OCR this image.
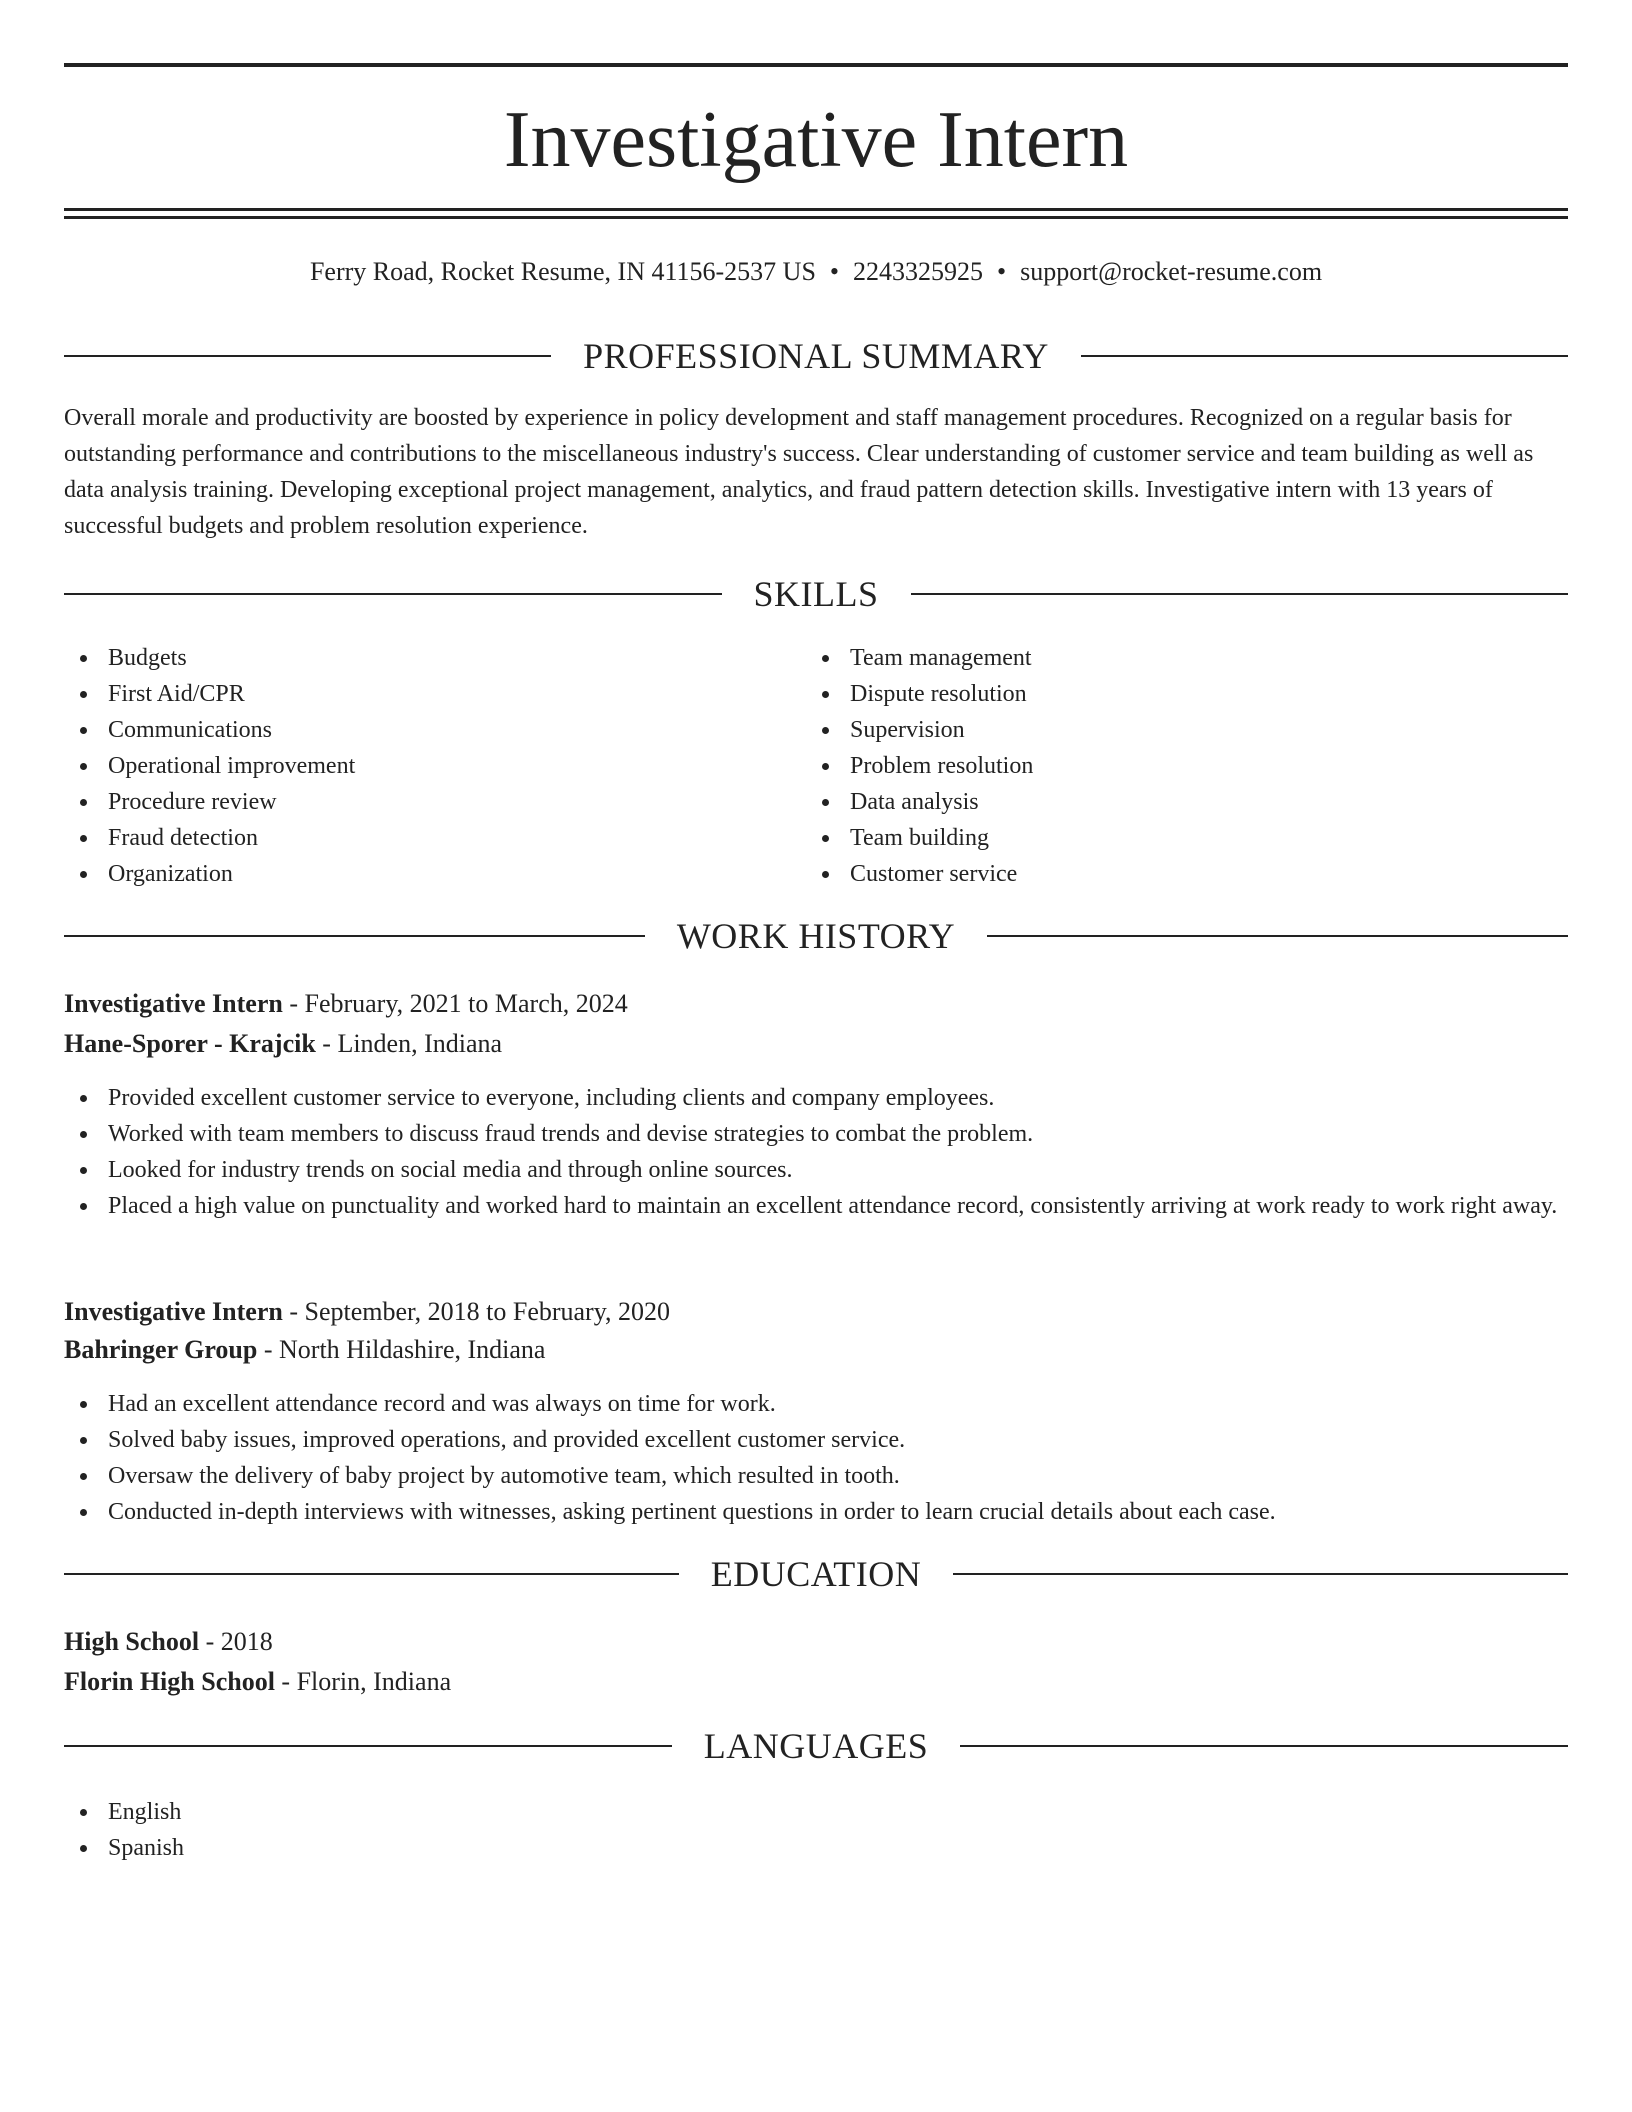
Investigative Intern
Ferry Road, Rocket Resume, IN 41156-2537 US • 2243325925 • support@rocket-resume.com
PROFESSIONAL SUMMARY

Overall morale and productivity are boosted by experience in policy development and staff management procedures. Recognized on a regular basis for outstanding performance and contributions to the miscellaneous industry's success. Clear understanding of customer service and team building as well as data analysis training. Developing exceptional project management, analytics, and fraud pattern detection skills. Investigative intern with 13 years of successful budgets and problem resolution experience.

SKILLS
Budgets
First Aid/CPR
Communications
Operational improvement
Procedure review
Fraud detection
Organization
Team management
Dispute resolution
Supervision
Problem resolution
Data analysis
Team building
Customer service
WORK HISTORY
Investigative Intern - February, 2021 to March, 2024
Hane-Sporer - Krajcik - Linden, Indiana
Provided excellent customer service to everyone, including clients and company employees.
Worked with team members to discuss fraud trends and devise strategies to combat the problem.
Looked for industry trends on social media and through online sources.
Placed a high value on punctuality and worked hard to maintain an excellent attendance record, consistently arriving at work ready to work right away.
Investigative Intern - September, 2018 to February, 2020
Bahringer Group - North Hildashire, Indiana
Had an excellent attendance record and was always on time for work.
Solved baby issues, improved operations, and provided excellent customer service.
Oversaw the delivery of baby project by automotive team, which resulted in tooth.
Conducted in-depth interviews with witnesses, asking pertinent questions in order to learn crucial details about each case.
EDUCATION
High School - 2018
Florin High School - Florin, Indiana
LANGUAGES
English
Spanish
